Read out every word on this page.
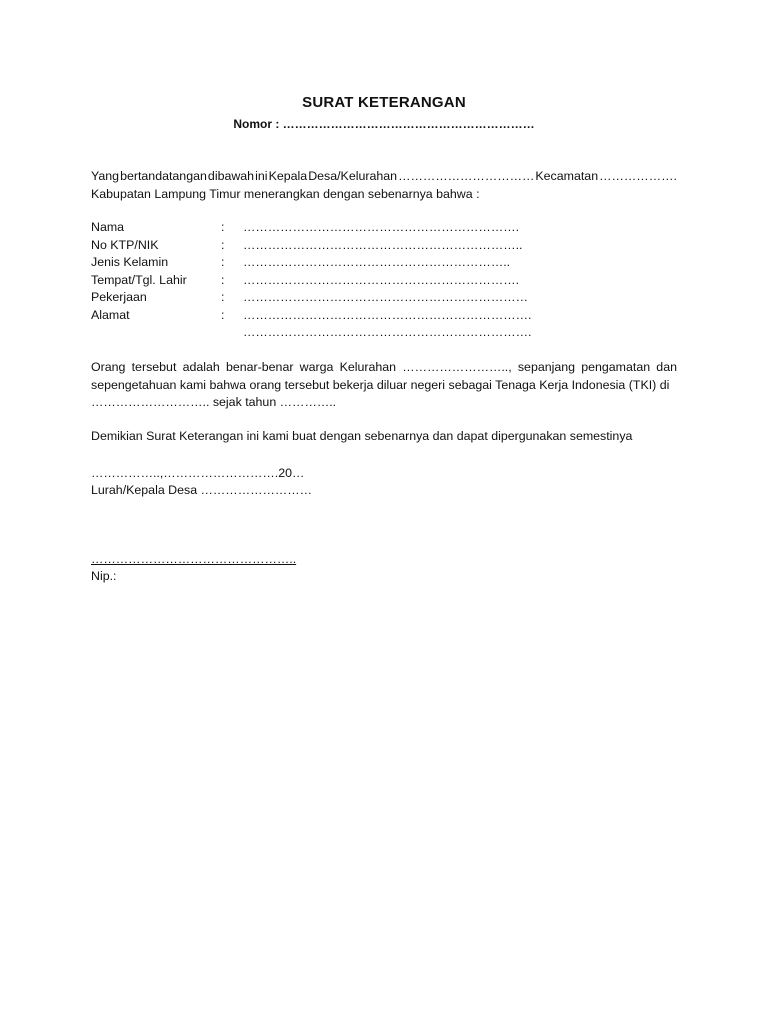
SURAT KETERANGAN
Nomor : ………………………………………………………
Yang bertandatangan dibawah ini Kepala Desa/Kelurahan …………………………… Kecamatan ……………….
Kabupatan Lampung Timur menerangkan dengan sebenarnya bahwa :
Nama	:	………………………………………………………….
No KTP/NIK	:	…………………………………………………………..
Jenis Kelamin	:	………………………………………………………..
Tempat/Tgl. Lahir	:	………………………………………………………….
Pekerjaan	:	……………………………………………………………
Alamat	:	…………………………………………………………….
…………………………………………………………….
Orang tersebut adalah benar-benar warga Kelurahan …………………….., sepanjang pengamatan dan
sepengetahuan kami bahwa orang tersebut bekerja diluar negeri sebagai Tenaga Kerja Indonesia (TKI) di
……………………….. sejak tahun …………..
Demikian Surat Keterangan ini kami buat dengan sebenarnya dan dapat dipergunakan semestinya
……………..,……………………….20…
Lurah/Kepala Desa ………………………
…………………………………………..
Nip.:
